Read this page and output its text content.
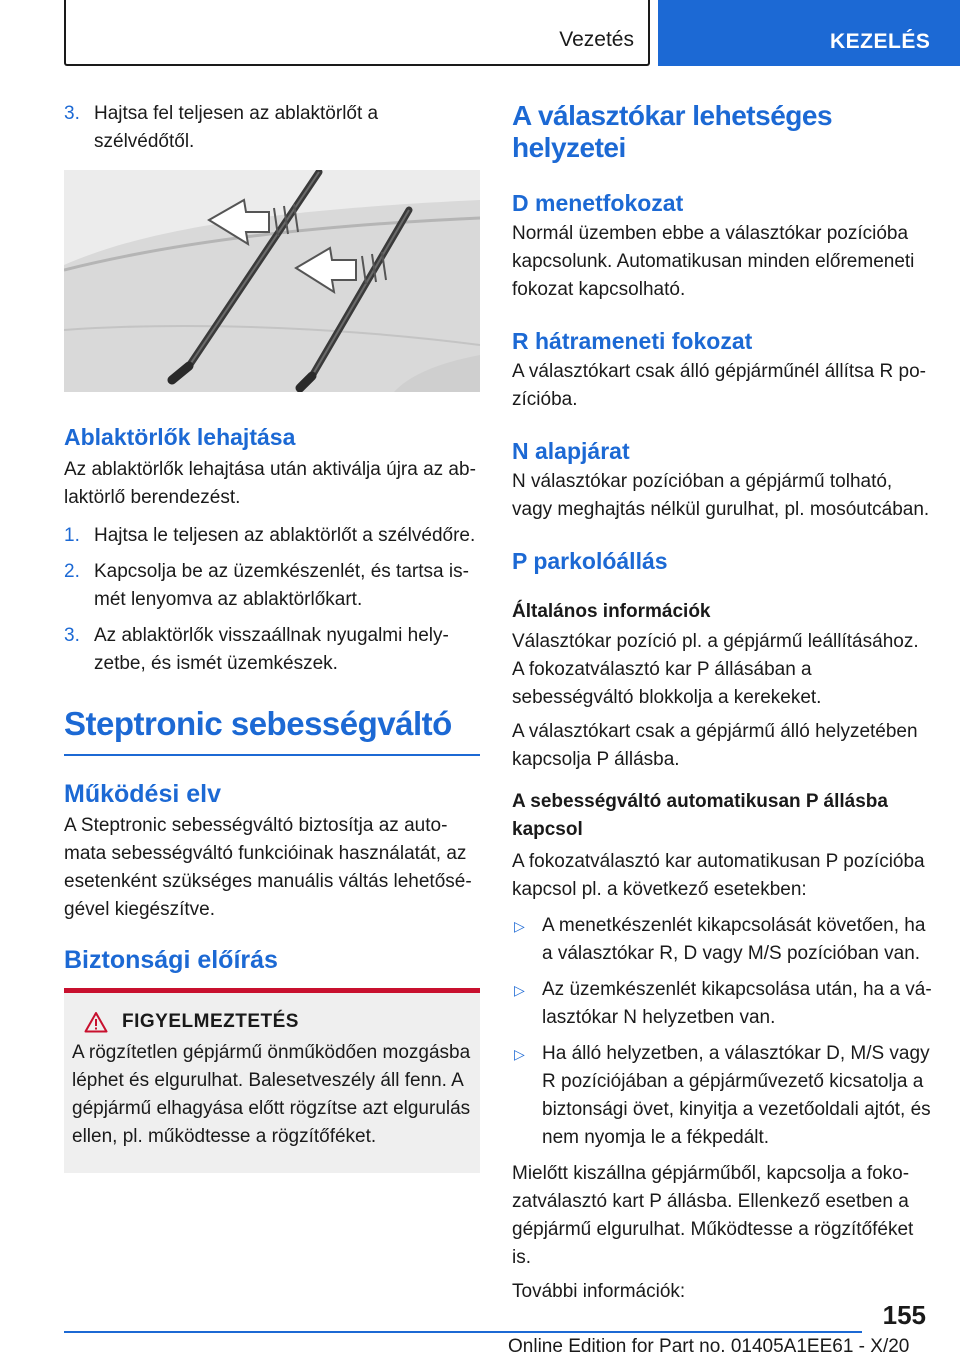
Vezetés	KEZELÉS
3. Hajtsa fel teljesen az ablaktörlőt a szélvédőtől.
Ablaktörlők lehajtása

Az ablaktörlők lehajtása után aktiválja újra az ablaktörlő berendezést.

1. Hajtsa le teljesen az ablaktörlőt a szélvédőre.
2. Kapcsolja be az üzemkészenlét, és tartsa ismét lenyomva az ablaktörlőkart.
3. Az ablaktörlők visszaállnak nyugalmi helyzetbe, és ismét üzemkészek.
Steptronic sebességváltó
Működési elv

A Steptronic sebességváltó biztosítja az automata sebességváltó funkcióinak használatát, az esetenként szükséges manuális váltás lehetőségével kiegészítve.

Biztonsági előírás
FIGYELMEZTETÉS

A rögzítetlen gépjármű önműködően mozgásba léphet és elgurulhat. Balesetveszély áll fenn. A gépjármű elhagyása előtt rögzítse azt elgurulás ellen, pl. működtesse a rögzítőféket.

A választókar lehetséges helyzetei
D menetfokozat

Normál üzemben ebbe a választókar pozícióba kapcsolunk. Automatikusan minden előremeneti fokozat kapcsolható.

R hátrameneti fokozat

A választókart csak álló gépjárműnél állítsa R pozícióba.

N alapjárat

N választókar pozícióban a gépjármű tolható, vagy meghajtás nélkül gurulhat, pl. mosóutcában.

P parkolóállás
Általános információk

Választókar pozíció pl. a gépjármű leállításához. A fokozatválasztó kar P állásában a sebességváltó blokkolja a kerekeket.

A választókart csak a gépjármű álló helyzetében kapcsolja P állásba.

A sebességváltó automatikusan P állásba kapcsol

A fokozatválasztó kar automatikusan P pozícióba kapcsol pl. a következő esetekben:

▷ A menetkészenlét kikapcsolását követően, ha a választókar R, D vagy M/S pozícióban van.
▷ Az üzemkészenlét kikapcsolása után, ha a választókar N helyzetben van.
▷ Ha álló helyzetben, a választókar D, M/S vagy R pozíciójában a gépjárművezető kicsatolja a biztonsági övet, kinyitja a vezetőoldali ajtót, és nem nyomja le a fékpedált.

Mielőtt kiszállna gépjárműből, kapcsolja a fokozatválasztó kart P állásba. Ellenkező esetben a gépjármű elgurulhat. Működtesse a rögzítőféket is.

További információk:

155
Online Edition for Part no. 01405A1EE61 - X/20
